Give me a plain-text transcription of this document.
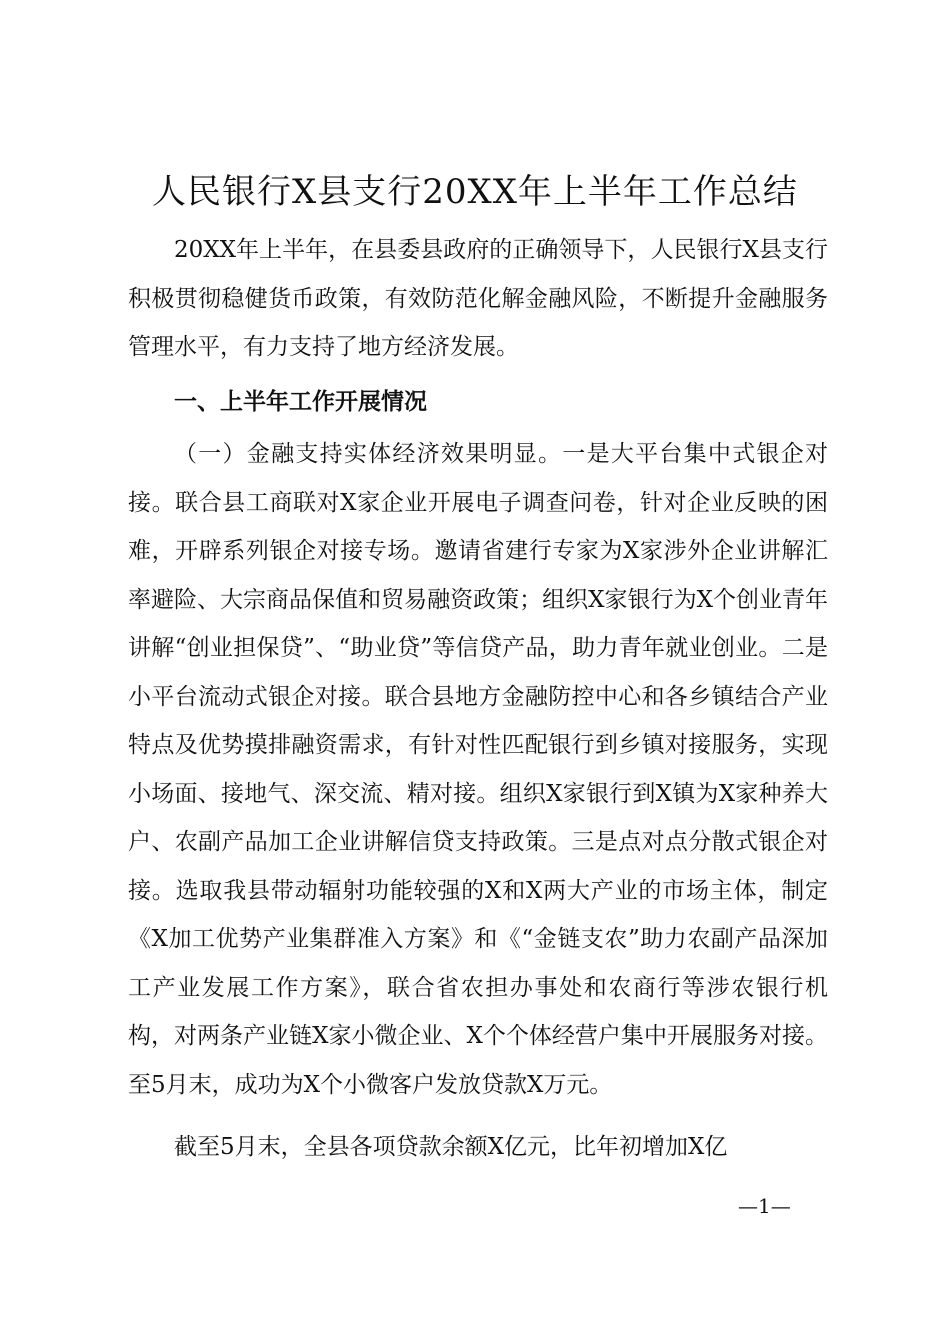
人民银行X县支行20XX年上半年工作总结

20XX年上半年，在县委县政府的正确领导下，人民银行X县支行积极贯彻稳健货币政策，有效防范化解金融风险，不断提升金融服务管理水平，有力支持了地方经济发展。

一、上半年工作开展情况

（一）金融支持实体经济效果明显。一是大平台集中式银企对接。联合县工商联对X家企业开展电子调查问卷，针对企业反映的困难，开辟系列银企对接专场。邀请省建行专家为X家涉外企业讲解汇率避险、大宗商品保值和贸易融资政策；组织X家银行为X个创业青年讲解“创业担保贷”、“助业贷”等信贷产品，助力青年就业创业。二是小平台流动式银企对接。联合县地方金融防控中心和各乡镇结合产业特点及优势摸排融资需求，有针对性匹配银行到乡镇对接服务，实现小场面、接地气、深交流、精对接。组织X家银行到X镇为X家种养大户、农副产品加工企业讲解信贷支持政策。三是点对点分散式银企对接。选取我县带动辐射功能较强的X和X两大产业的市场主体，制定《X加工优势产业集群准入方案》和《“金链支农”助力农副产品深加工产业发展工作方案》，联合省农担办事处和农商行等涉农银行机构，对两条产业链X家小微企业、X个个体经营户集中开展服务对接。至5月末，成功为X个小微客户发放贷款X万元。

截至5月末，全县各项贷款余额X亿元，比年初增加X亿

—1—
